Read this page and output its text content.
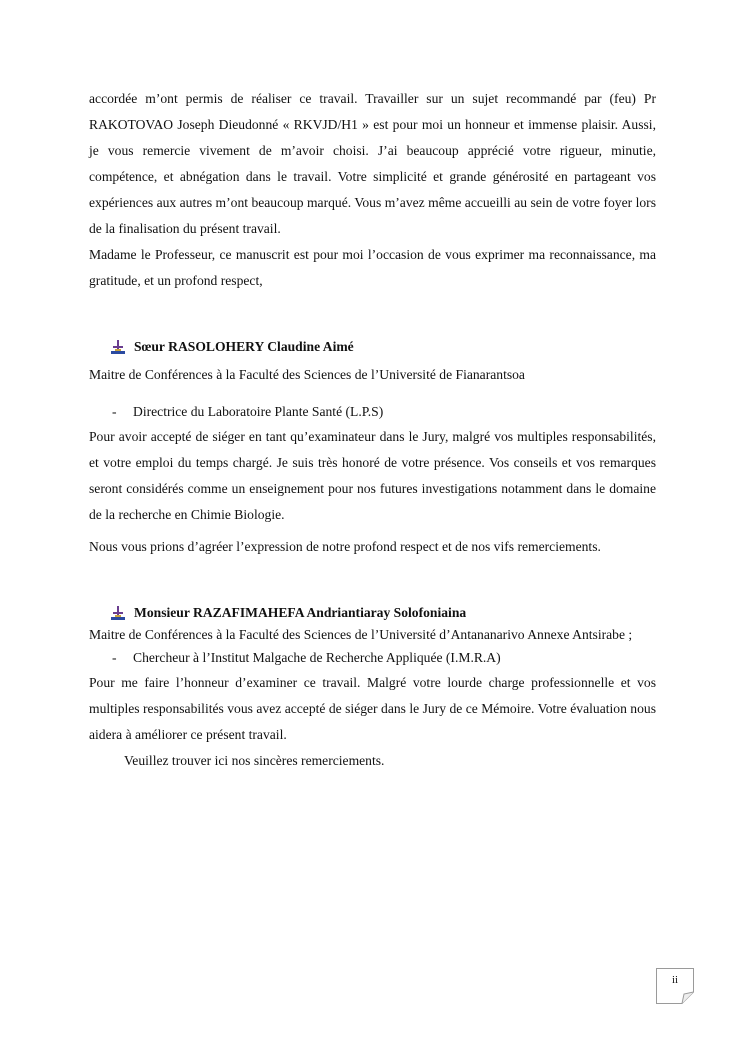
accordée m’ont permis de réaliser ce travail. Travailler sur un sujet recommandé par (feu) Pr RAKOTOVAO Joseph Dieudonné « RKVJD/H1 » est pour moi un honneur et immense plaisir. Aussi, je vous remercie vivement de m’avoir choisi. J’ai beaucoup apprécié votre rigueur, minutie, compétence, et abnégation dans le travail. Votre simplicité et grande générosité en partageant vos expériences aux autres m’ont beaucoup marqué. Vous m’avez même accueilli au sein de votre foyer lors de la finalisation du présent travail.

Madame le Professeur, ce manuscrit est pour moi l’occasion de vous exprimer ma reconnaissance, ma gratitude, et un profond respect,

Sœur RASOLOHERY Claudine Aimé

Maitre de Conférences à la Faculté des Sciences de l’Université de Fianarantsoa

-	Directrice du Laboratoire Plante Santé (L.P.S)

Pour avoir accepté de siéger en tant qu’examinateur dans le Jury, malgré vos multiples responsabilités, et votre emploi du temps chargé. Je suis très honoré de votre présence. Vos conseils et vos remarques seront considérés comme un enseignement pour nos futures investigations notamment dans le domaine de la recherche en Chimie Biologie.

Nous vous prions d’agréer l’expression de notre profond respect et de nos vifs remerciements.

Monsieur RAZAFIMAHEFA Andriantiaray Solofoniaina

Maitre de Conférences à la Faculté des Sciences de l’Université d’Antananarivo Annexe Antsirabe ;

-	Chercheur à l’Institut Malgache de Recherche Appliquée (I.M.R.A)

Pour me faire l’honneur d’examiner ce travail. Malgré votre lourde charge professionnelle et vos multiples responsabilités vous avez accepté de siéger dans le Jury de ce Mémoire. Votre évaluation nous aidera à améliorer ce présent travail.

Veuillez trouver ici nos sincères remerciements.

ii
